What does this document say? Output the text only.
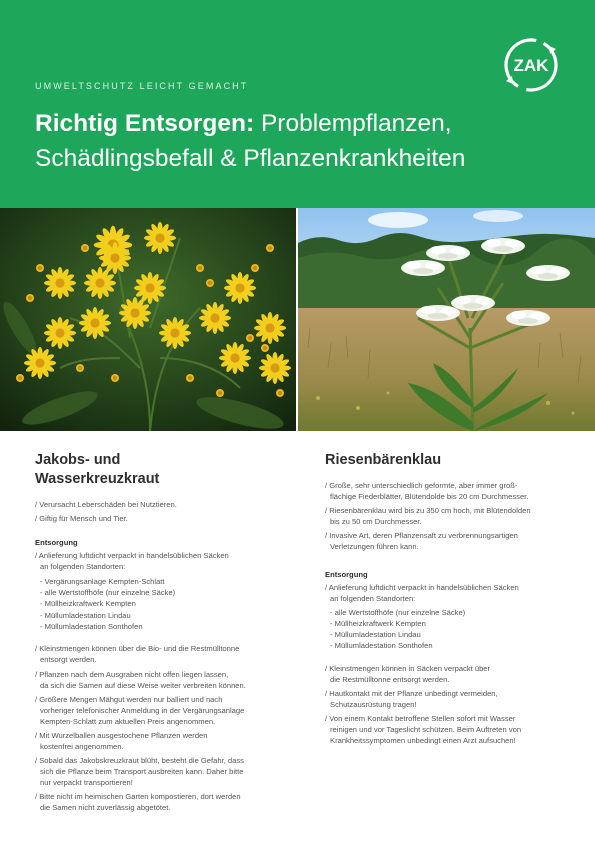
UMWELTSCHUTZ LEICHT GEMACHT
Richtig Entsorgen: Problempflanzen,
Schädlingsbefall & Pflanzenkrankheiten
ZAK
Jakobs- und
Wasserkreuzkraut
/ Verursacht Leberschäden bei Nutztieren.
/ Giftig für Mensch und Tier.
Entsorgung
/ Anlieferung luftdicht verpackt in handelsüblichen Säcken
an folgenden Standorten:
- Vergärungsanlage Kempten-Schlatt
- alle Wertstoffhöfe (nur einzelne Säcke)
- Müllheizkraftwerk Kempten
- Müllumladestation Lindau
- Müllumladestation Sonthofen
/ Kleinstmengen können über die Bio- und die Restmülltonne
entsorgt werden.
/ Pflanzen nach dem Ausgraben nicht offen liegen lassen,
da sich die Samen auf diese Weise weiter verbreiten können.
/ Größere Mengen Mähgut werden nur balliert und nach
vorheriger telefonischer Anmeldung in der Vergärungsanlage
Kempten-Schlatt zum aktuellen Preis angenommen.
/ Mit Wurzelballen ausgestochene Pflanzen werden
kostenfrei angenommen.
/ Sobald das Jakobskreuzkraut blüht, besteht die Gefahr, dass
sich die Pflanze beim Transport ausbreiten kann. Daher bitte
nur verpackt transportieren!
/ Bitte nicht im heimischen Garten kompostieren, dort werden
die Samen nicht zuverlässig abgetötet.
Riesenbärenklau
/ Große, sehr unterschiedlich geformte, aber immer groß-
flächige Fiederblätter, Blütendolde bis 20 cm Durchmesser.
/ Riesenbärenklau wird bis zu 350 cm hoch, mit Blütendolden
bis zu 50 cm Durchmesser.
/ Invasive Art, deren Pflanzensaft zu verbrennungsartigen
Verletzungen führen kann.
Entsorgung
/ Anlieferung luftdicht verpackt in handelsüblichen Säcken
an folgenden Standorten:
- alle Wertstoffhöfe (nur einzelne Säcke)
- Müllheizkraftwerk Kempten
- Müllumladestation Lindau
- Müllumladestation Sonthofen
/ Kleinstmengen können in Säcken verpackt über
die Restmülltonne entsorgt werden.
/ Hautkontakt mit der Pflanze unbedingt vermeiden,
Schutzausrüstung tragen!
/ Von einem Kontakt betroffene Stellen sofort mit Wasser
reinigen und vor Tageslicht schützen. Beim Auftreten von
Krankheitssymptomen unbedingt einen Arzt aufsuchen!
